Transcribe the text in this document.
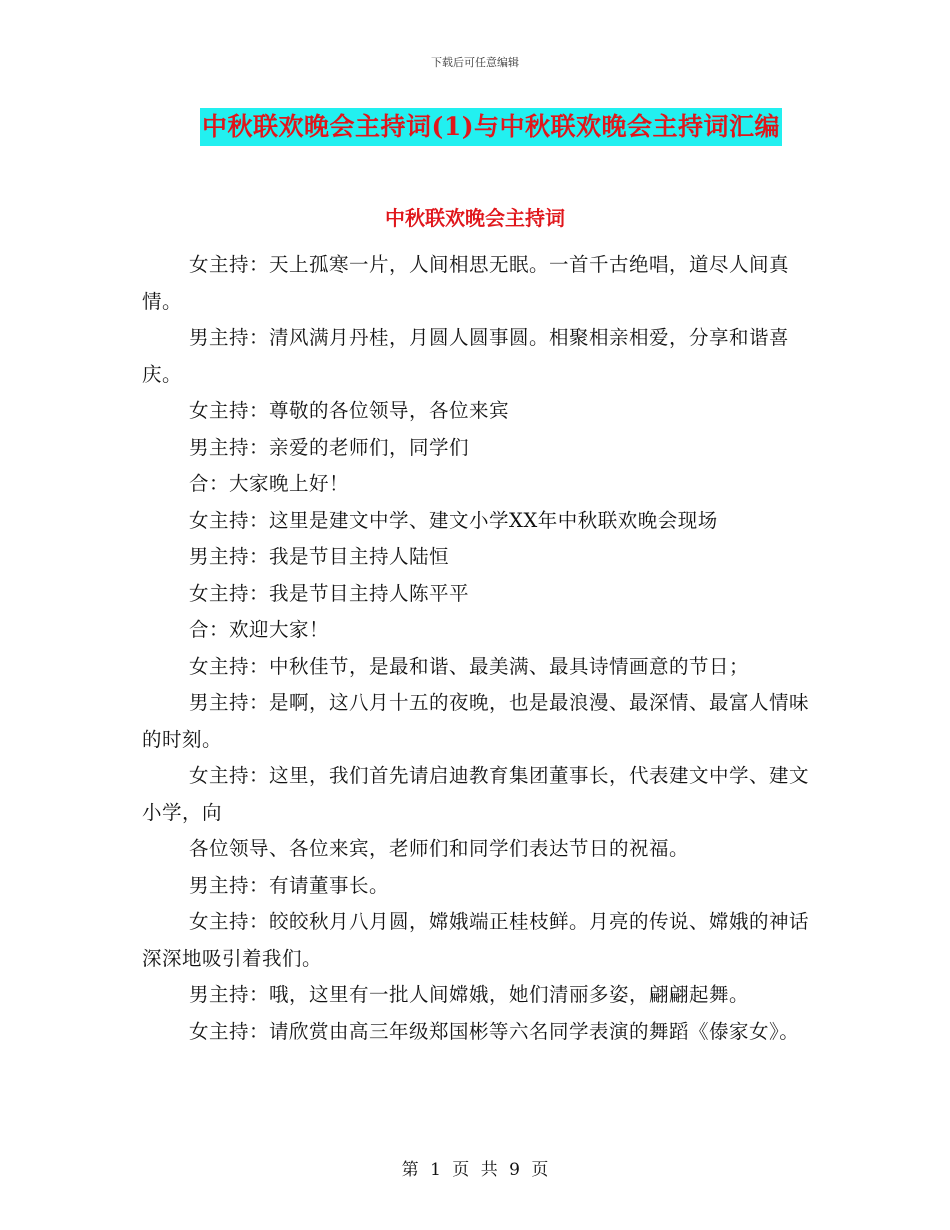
下载后可任意编辑
中秋联欢晚会主持词(1)与中秋联欢晚会主持词汇编
中秋联欢晚会主持词

女主持：天上孤寒一片，人间相思无眠。一首千古绝唱，道尽人间真情。

男主持：清风满月丹桂，月圆人圆事圆。相聚相亲相爱，分享和谐喜庆。

女主持：尊敬的各位领导，各位来宾

男主持：亲爱的老师们，同学们

合：大家晚上好！

女主持：这里是建文中学、建文小学XX年中秋联欢晚会现场

男主持：我是节目主持人陆恒

女主持：我是节目主持人陈平平

合：欢迎大家！

女主持：中秋佳节，是最和谐、最美满、最具诗情画意的节日；

男主持：是啊，这八月十五的夜晚，也是最浪漫、最深情、最富人情味的时刻。

女主持：这里，我们首先请启迪教育集团董事长，代表建文中学、建文小学，向

各位领导、各位来宾，老师们和同学们表达节日的祝福。

男主持：有请董事长。

女主持：皎皎秋月八月圆，嫦娥端正桂枝鲜。月亮的传说、嫦娥的神话深深地吸引着我们。

男主持：哦，这里有一批人间嫦娥，她们清丽多姿，翩翩起舞。

女主持：请欣赏由高三年级郑国彬等六名同学表演的舞蹈《傣家女》。

第 1 页 共 9 页
